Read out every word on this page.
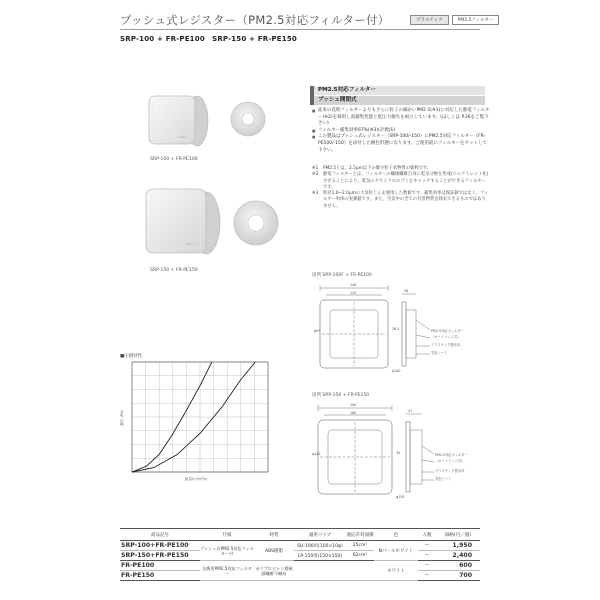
プッシュ式レジスター（PM2.5対応フィルター付）	プラスチック	PM2.5フィルター
SRP-100 + FR-PE100　SRP-150 + FR-PE150
UNIX
SRP-100 + FR-PE100
UNIX
SRP-150 + FR-PE150
PM2.5対応フィルター
プッシュ開閉式

■ 従来の花粉フィルターよりもさらに粒子の細かいPM2.5(※1)に対応した静電フィルター(※2)を採用し高捕集性能と低圧力損失を両立しています。(ほしくは P.36をご覧下さい)

■ フィルター捕集効率67%(※3)(計数法)

■ この製品はプッシュ式レジスター（SRP-100/-150）にPM2.5対応フィルター（FR-PE100/-150）を添付した梱包形態になります。ご使用前にフィルターをセットして下さい。

※1	PM2.5とは、2.5μm以下の微小粒子状物質の総称です。

※2	静電フィルターとは、フィルターの繊維繊維自身に電気分極を形成(エレクトレット化)させることにより、電気の力でミクロのゴミをキャッチすることができるフィルターです。

※3	粒径1.0~2.0μmの大気粒じんを使用した数値です。捕集効率は保証値ではなく、フィルター単体の実測値です。また、空気中の全ての有害物質を除去できるものではありません。

図例 SRP-100F + FR-PE100
146
120	38
26.5
φ93
φ100
PM2.5対応フィルター
（カートリッジ式）
プラスチック製本体
気密シート
図例 SRP-150 + FR-PE150
190
160	41
30
φ140
φ150
PM2.5対応フィルター
（カートリッジ式）
プラスチック製本体
気密シート
■圧損特性
風量Q (m³/h)
静圧 (Pa)
商品記号	仕様	材質	適用パイプ	適応有効面積	色	入数	価格(円／個)
SRP-100+FR-PE100	プッシュ式PM2.5対応フィルター付	ABS樹脂	SU-100用(100×10φ)	25cm²	Nパールホワイト	—	1,950
SRP-150+FR-PE150			LP-150用(150×150)	62cm²		—	2,400
FR-PE100	交換用PM2.5対応フィルター	ポリプロピレン製極細繊維不織布			ホワイト	—	600
FR-PE150						—	700
